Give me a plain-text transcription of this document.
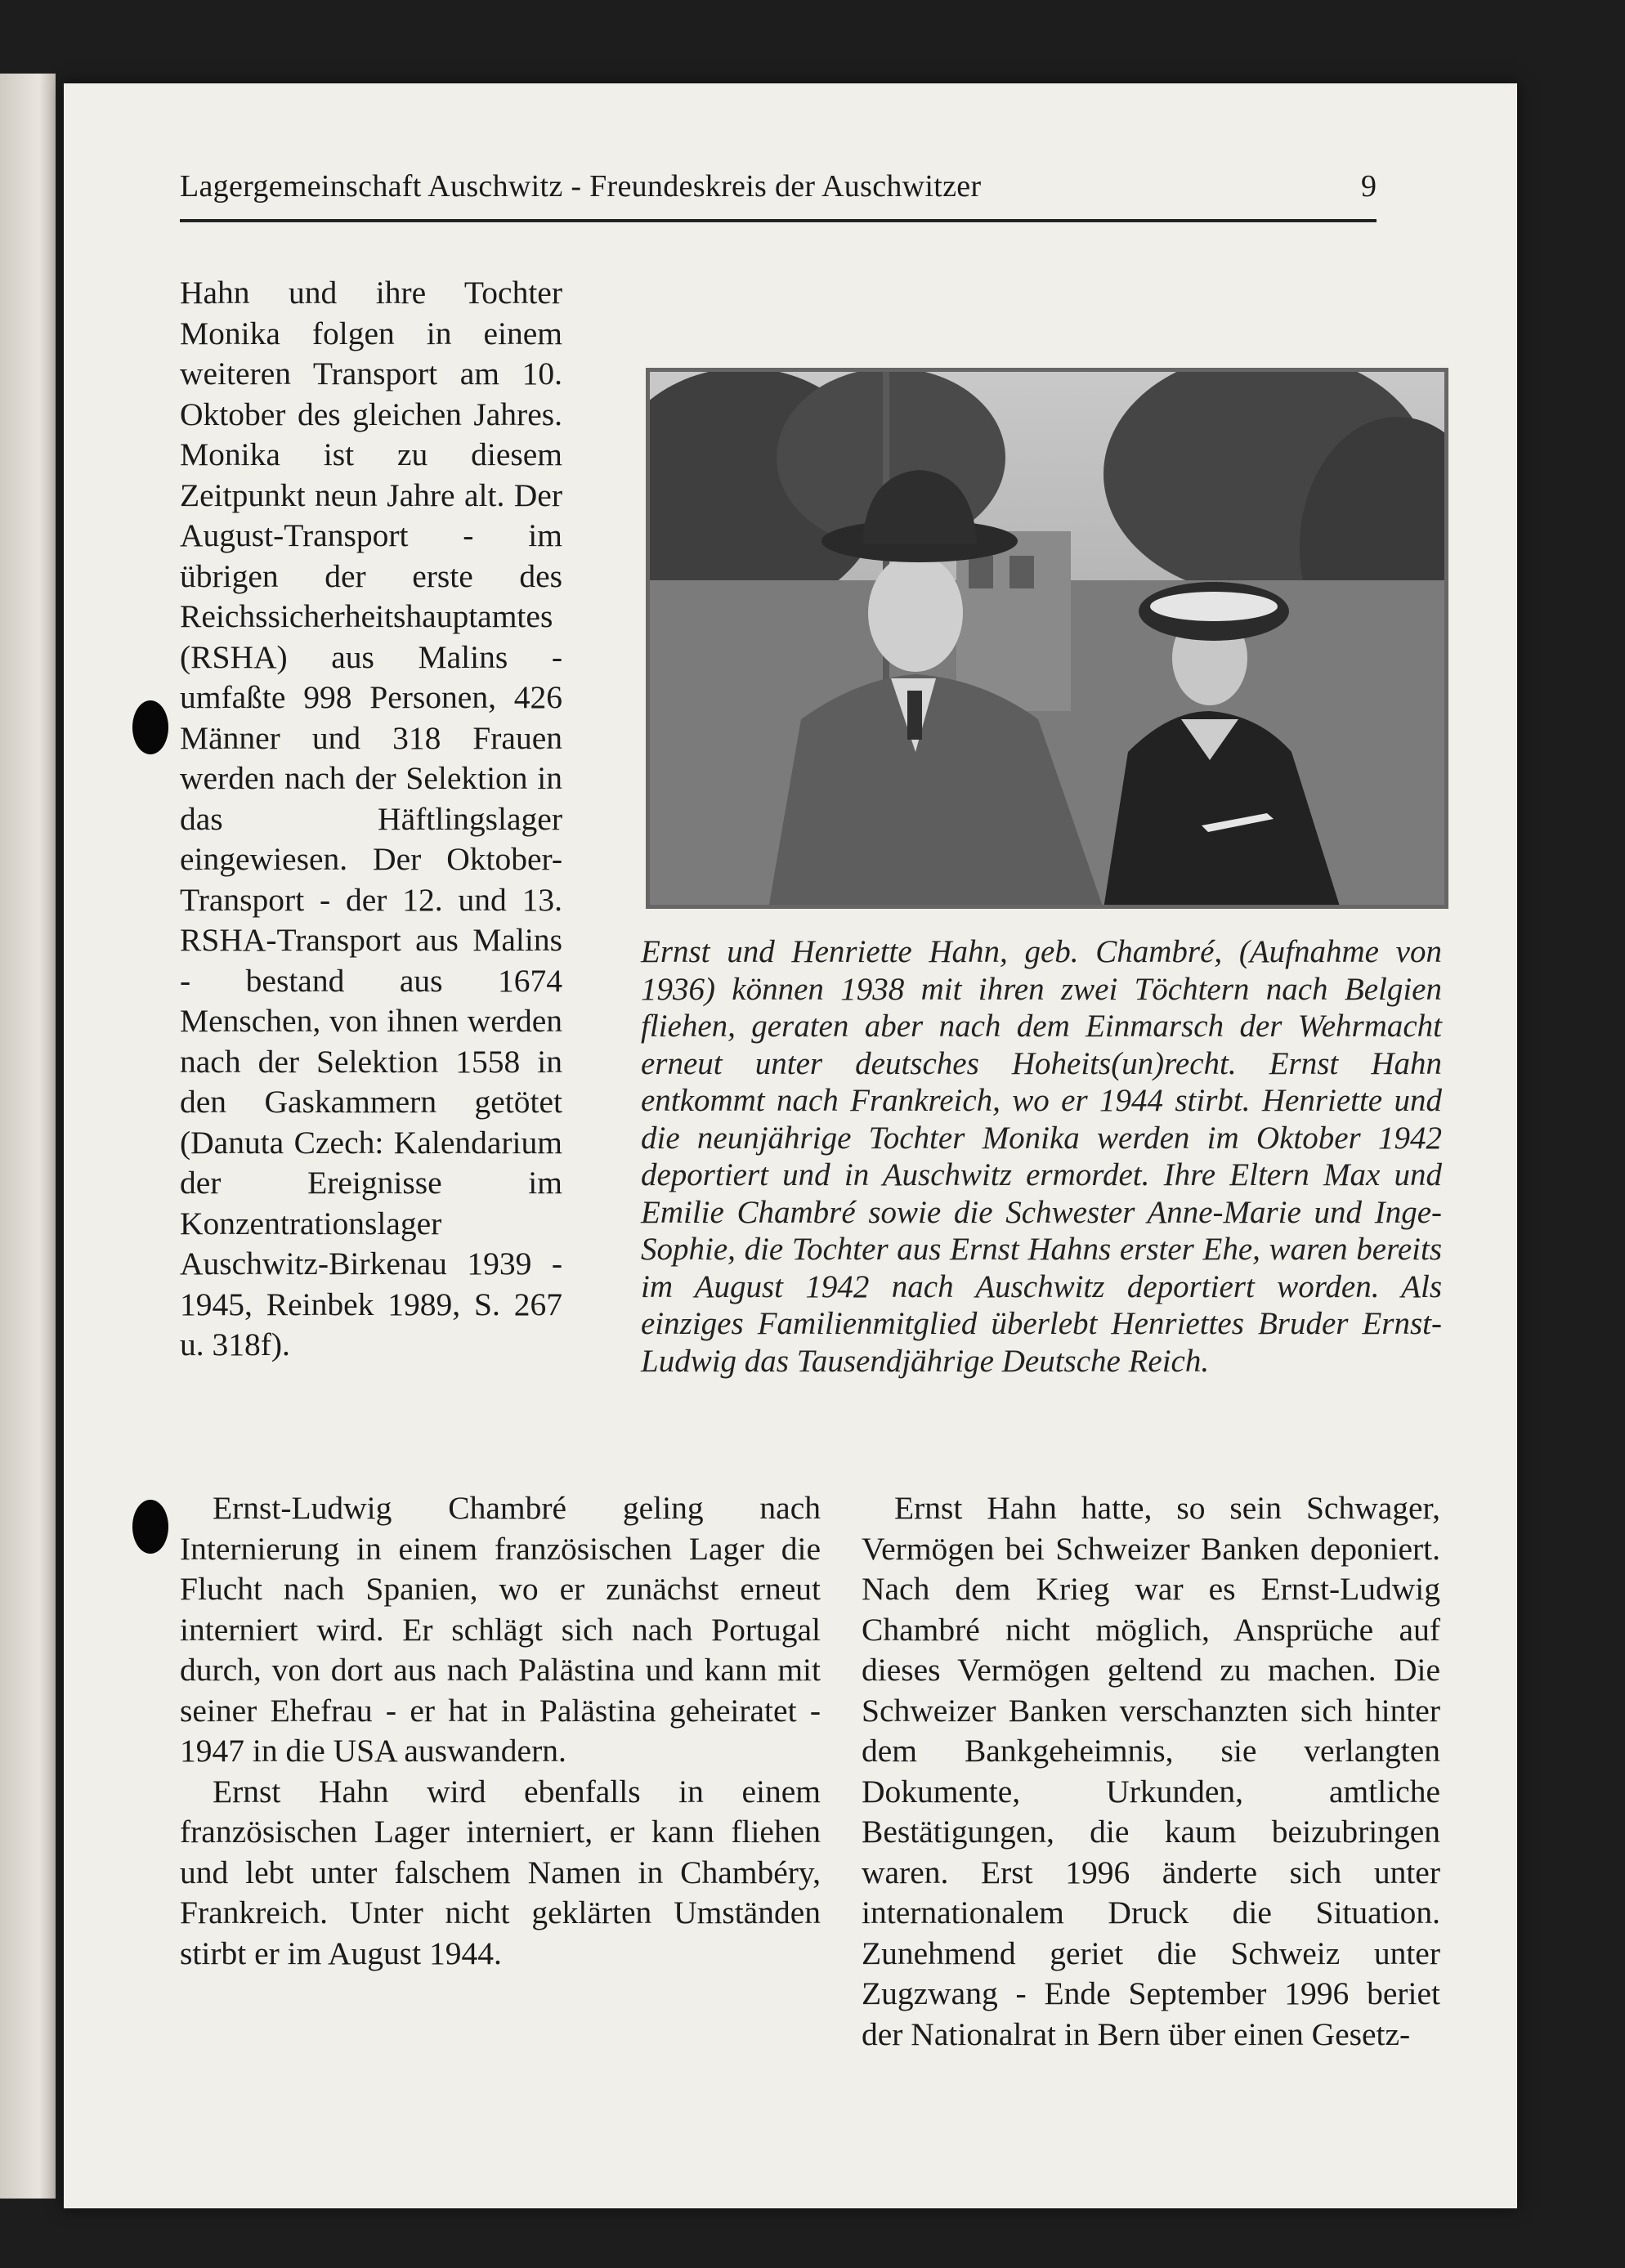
Lagergemeinschaft Auschwitz - Freundeskreis der Auschwitzer	9

Hahn und ihre Tochter Monika folgen in einem weiteren Transport am 10. Oktober des gleichen Jahres. Monika ist zu diesem Zeitpunkt neun Jahre alt. Der August-Transport - im übrigen der erste des Reichssicherheitshauptamtes (RSHA) aus Malins - umfaßte 998 Personen, 426 Männer und 318 Frauen werden nach der Selektion in das Häftlingslager eingewiesen. Der Oktober-Transport - der 12. und 13. RSHA-Transport aus Malins - bestand aus 1674 Menschen, von ihnen werden nach der Selektion 1558 in den Gaskammern getötet (Danuta Czech: Kalendarium der Ereignisse im Konzentrationslager Auschwitz-Birkenau 1939 - 1945, Reinbek 1989, S. 267 u. 318f).

Ernst und Henriette Hahn, geb. Chambré, (Aufnahme von 1936) können 1938 mit ihren zwei Töchtern nach Belgien fliehen, geraten aber nach dem Einmarsch der Wehrmacht erneut unter deutsches Hoheits(un)recht. Ernst Hahn entkommt nach Frankreich, wo er 1944 stirbt. Henriette und die neunjährige Tochter Monika werden im Oktober 1942 deportiert und in Auschwitz ermordet. Ihre Eltern Max und Emilie Chambré sowie die Schwester Anne-Marie und Inge-Sophie, die Tochter aus Ernst Hahns erster Ehe, waren bereits im August 1942 nach Auschwitz deportiert worden. Als einziges Familienmitglied überlebt Henriettes Bruder Ernst-Ludwig das Tausendjährige Deutsche Reich.

Ernst-Ludwig Chambré geling nach Internierung in einem französischen Lager die Flucht nach Spanien, wo er zunächst erneut interniert wird. Er schlägt sich nach Portugal durch, von dort aus nach Palästina und kann mit seiner Ehefrau - er hat in Palästina geheiratet - 1947 in die USA auswandern.

Ernst Hahn wird ebenfalls in einem französischen Lager interniert, er kann fliehen und lebt unter falschem Namen in Chambéry, Frankreich. Unter nicht geklärten Umständen stirbt er im August 1944.

Ernst Hahn hatte, so sein Schwager, Vermögen bei Schweizer Banken deponiert. Nach dem Krieg war es Ernst-Ludwig Chambré nicht möglich, Ansprüche auf dieses Vermögen geltend zu machen. Die Schweizer Banken verschanzten sich hinter dem Bankgeheimnis, sie verlangten Dokumente, Urkunden, amtliche Bestätigungen, die kaum beizubringen waren. Erst 1996 änderte sich unter internationalem Druck die Situation. Zunehmend geriet die Schweiz unter Zugzwang - Ende September 1996 beriet der Nationalrat in Bern über einen Gesetz-
